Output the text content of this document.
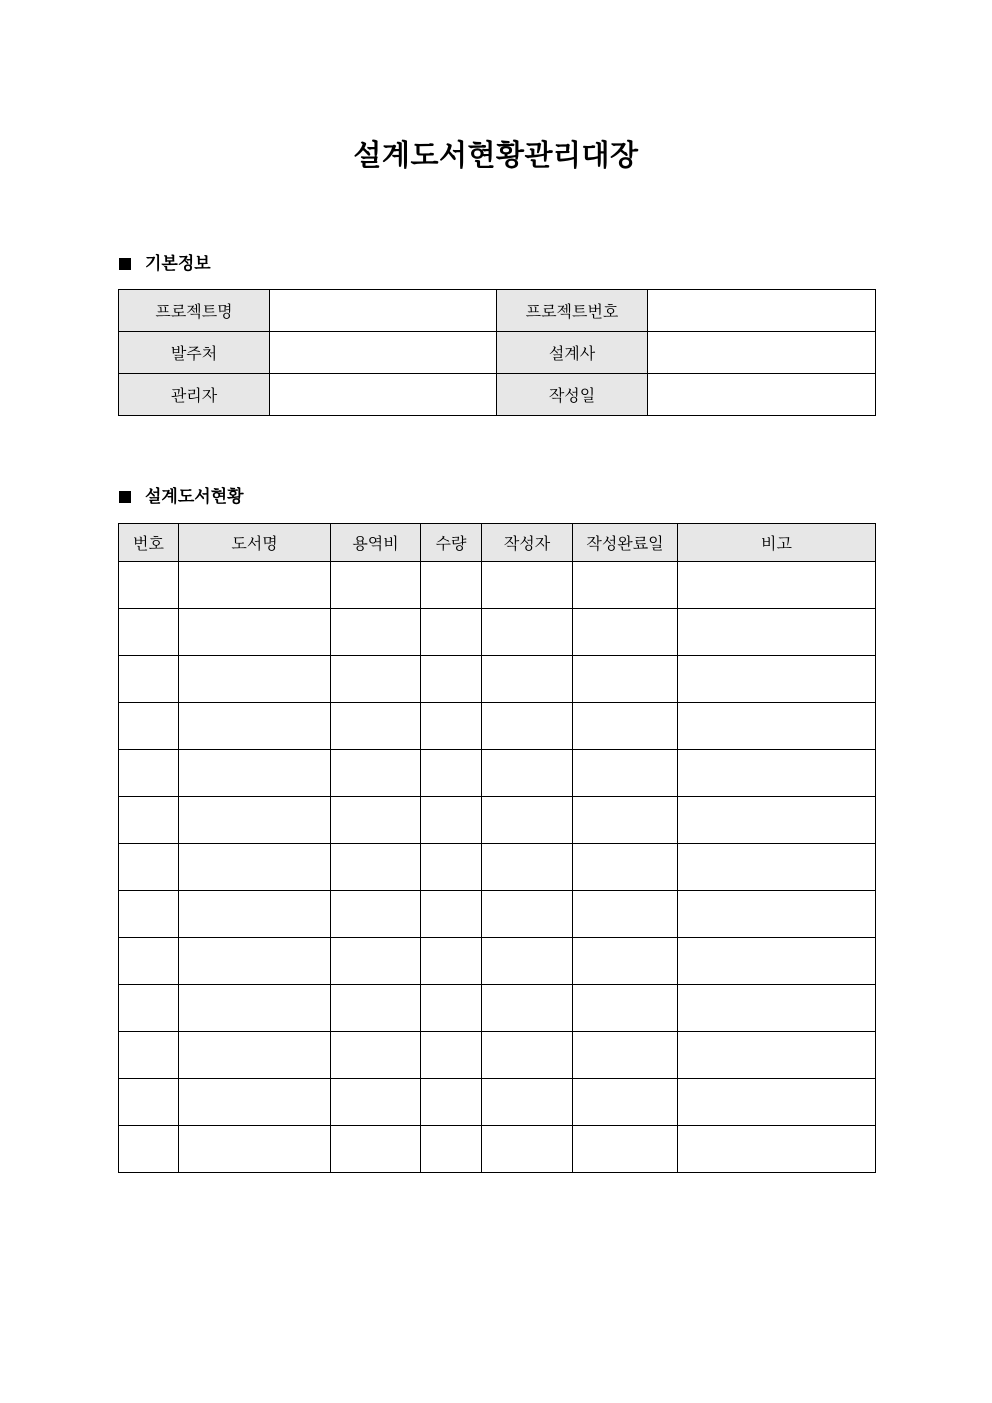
설계도서현황관리대장
기본정보
프로젝트명		프로젝트번호	
발주처		설계사	
관리자		작성일	
설계도서현황
번호	도서명	용역비	수량	작성자	작성완료일	비고
